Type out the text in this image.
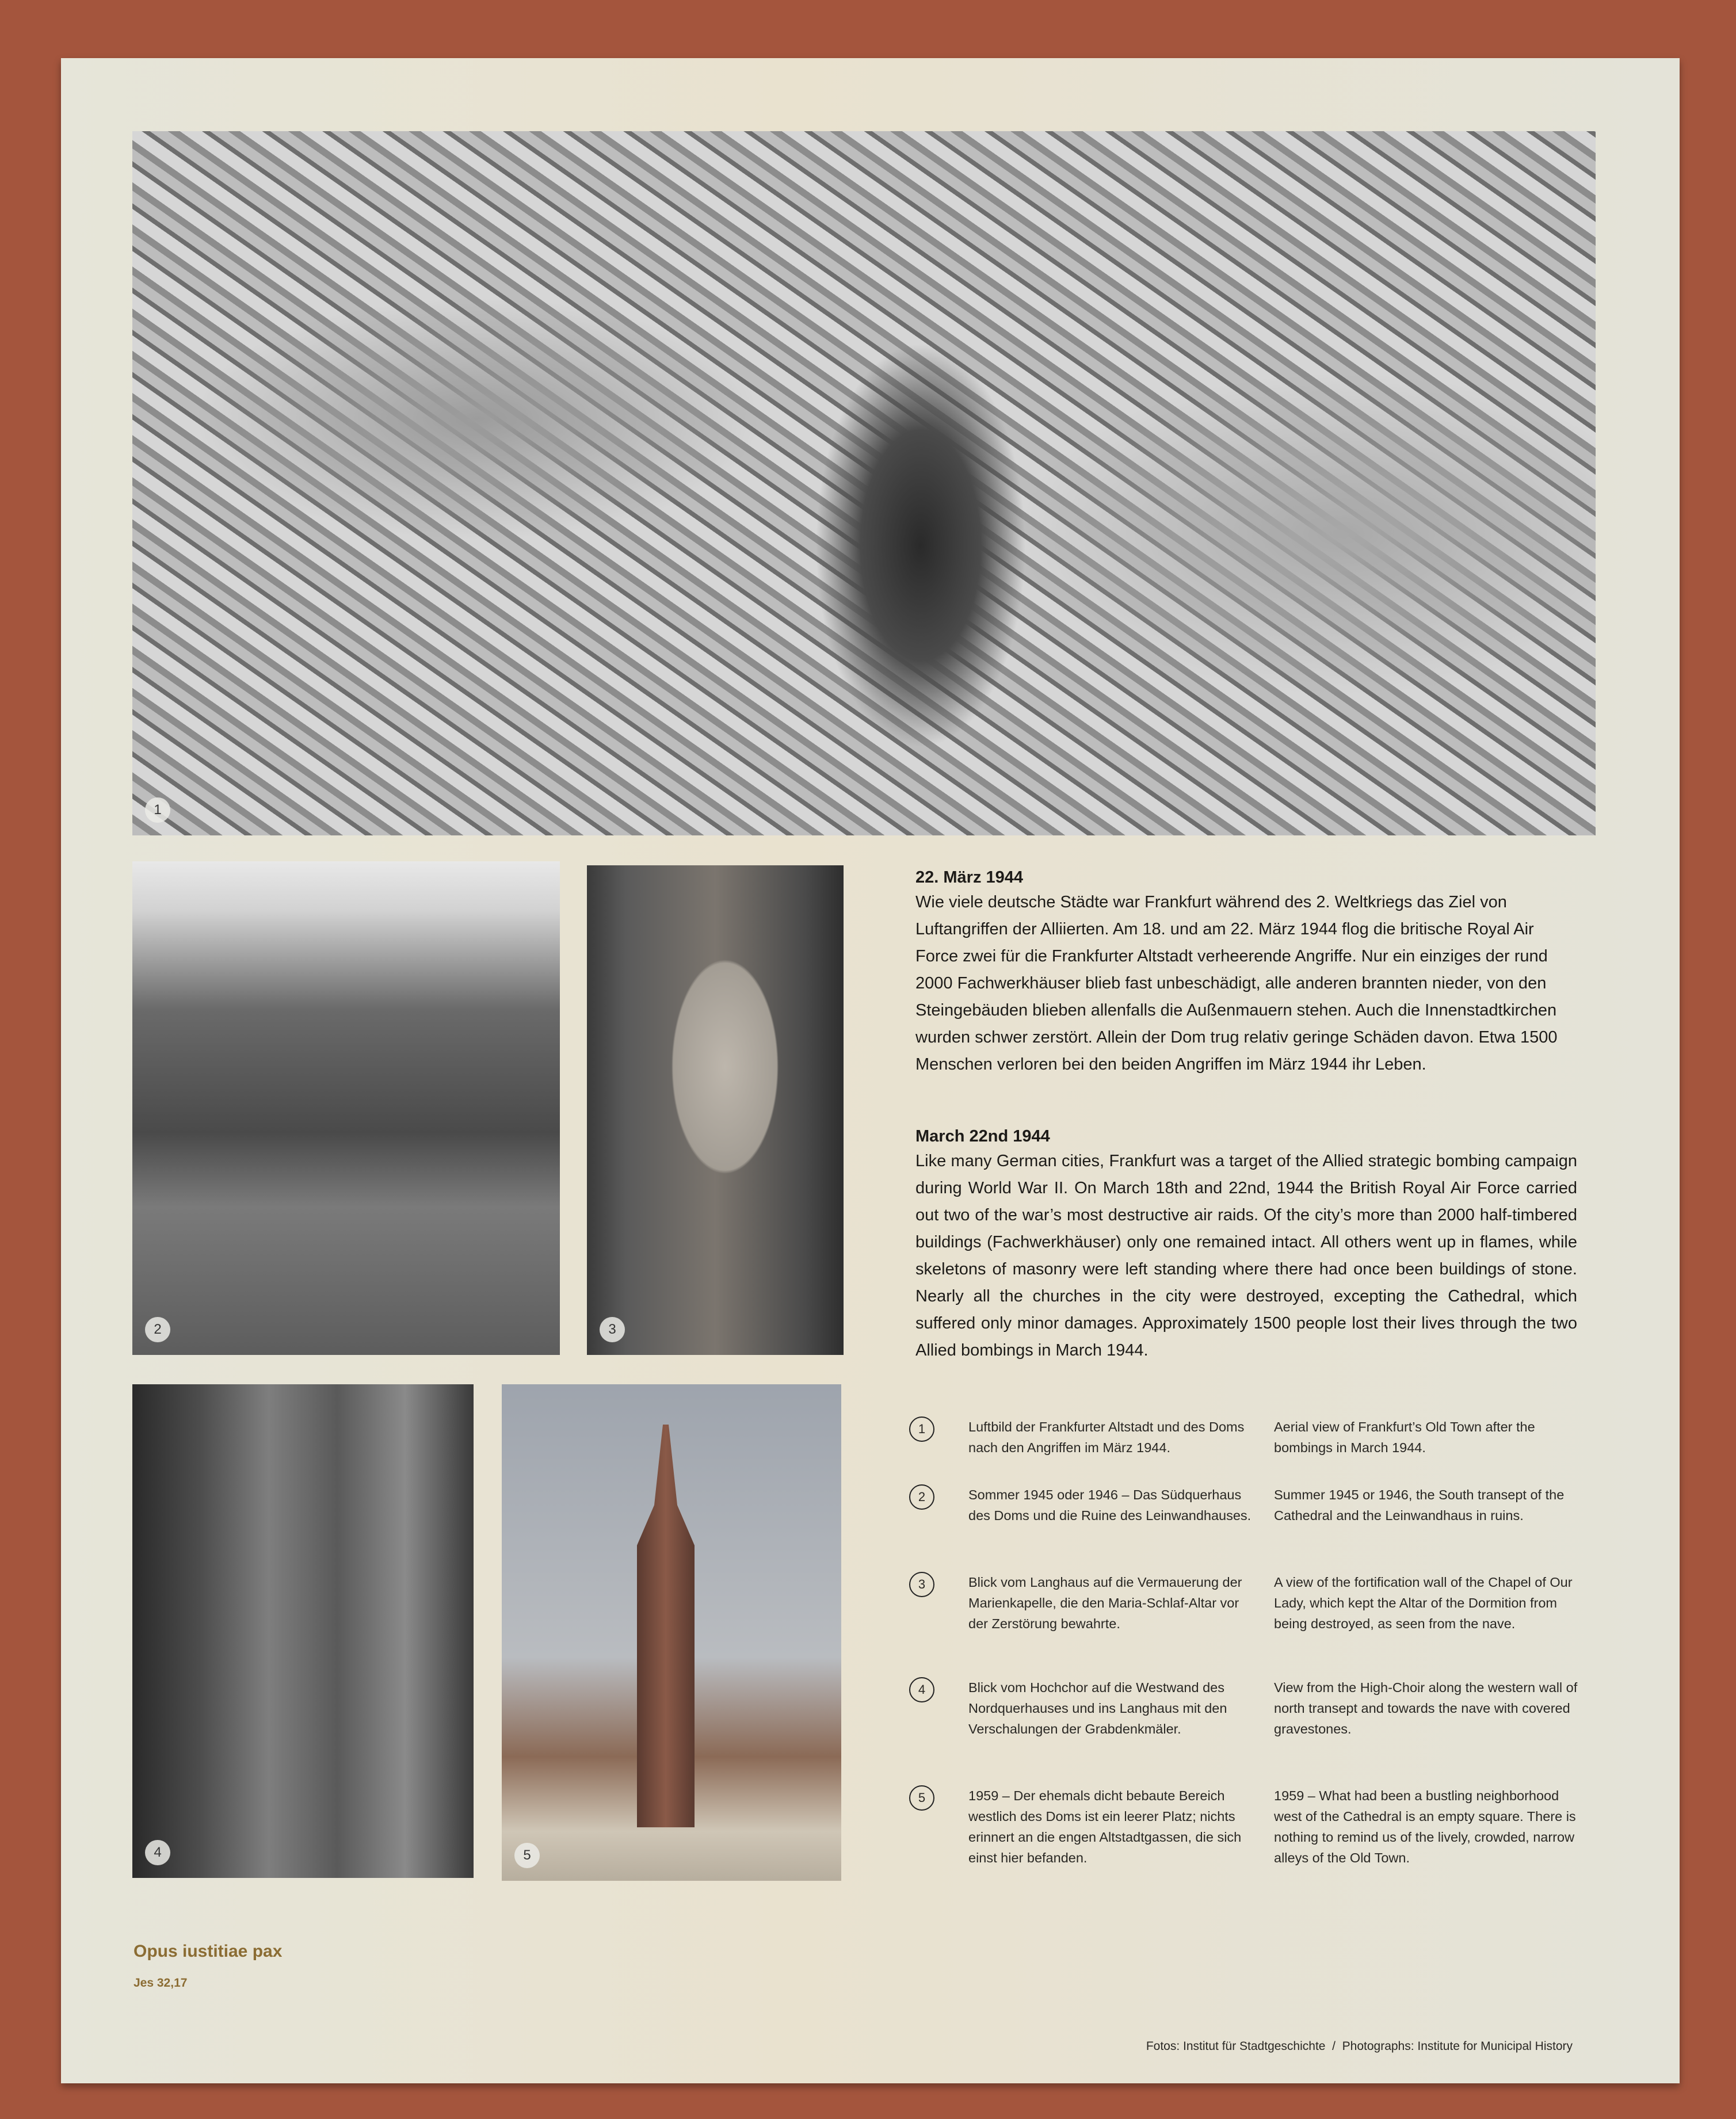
1
2	3
4	5
22. März 1944

Wie viele deutsche Städte war Frankfurt während des 2. Weltkriegs das Ziel von Luftangriffen der Alliierten. Am 18. und am 22. März 1944 flog die britische Royal Air Force zwei für die Frankfurter Altstadt verheerende Angriffe. Nur ein einziges der rund 2000 Fachwerkhäuser blieb fast unbeschädigt, alle anderen brannten nieder, von den Steingebäuden blieben allenfalls die Außenmauern stehen. Auch die Innenstadtkirchen wurden schwer zerstört. Allein der Dom trug relativ geringe Schäden davon. Etwa 1500 Menschen verloren bei den beiden Angriffen im März 1944 ihr Leben.

March 22nd 1944

Like many German cities, Frankfurt was a target of the Allied strategic bombing campaign during World War II. On March 18th and 22nd, 1944 the British Royal Air Force carried out two of the war’s most destructive air raids. Of the city’s more than 2000 half-timbered buildings (Fachwerkhäuser) only one remained intact. All others went up in flames, while skeletons of masonry were left standing where there had once been buildings of stone. Nearly all the churches in the city were destroyed, excepting the Cathedral, which suffered only minor damages. Approximately 1500 people lost their lives through the two Allied bombings in March 1944.

1	Luftbild der Frankfurter Altstadt und des Doms nach den Angriffen im März 1944.
Aerial view of Frankfurt’s Old Town after the bombings in March 1944.
2	Sommer 1945 oder 1946 – Das Südquerhaus des Doms und die Ruine des Leinwandhauses.
Summer 1945 or 1946, the South transept of the Cathedral and the Leinwandhaus in ruins.
3	Blick vom Langhaus auf die Vermauerung der Marienkapelle, die den Maria-Schlaf-Altar vor der Zerstörung bewahrte.
A view of the fortification wall of the Chapel of Our Lady, which kept the Altar of the Dormition from being destroyed, as seen from the nave.
4	Blick vom Hochchor auf die Westwand des Nordquerhauses und ins Langhaus mit den Verschalungen der Grabdenkmäler.
View from the High-Choir along the western wall of north transept and towards the nave with covered gravestones.
5	1959 – Der ehemals dicht bebaute Bereich westlich des Doms ist ein leerer Platz; nichts erinnert an die engen Altstadtgassen, die sich einst hier befanden.
1959 – What had been a bustling neighborhood west of the Cathedral is an empty square. There is nothing to remind us of the lively, crowded, narrow alleys of the Old Town.
Opus iustitiae pax
Jes 32,17
Fotos: Institut für Stadtgeschichte  /  Photographs: Institute for Municipal History
